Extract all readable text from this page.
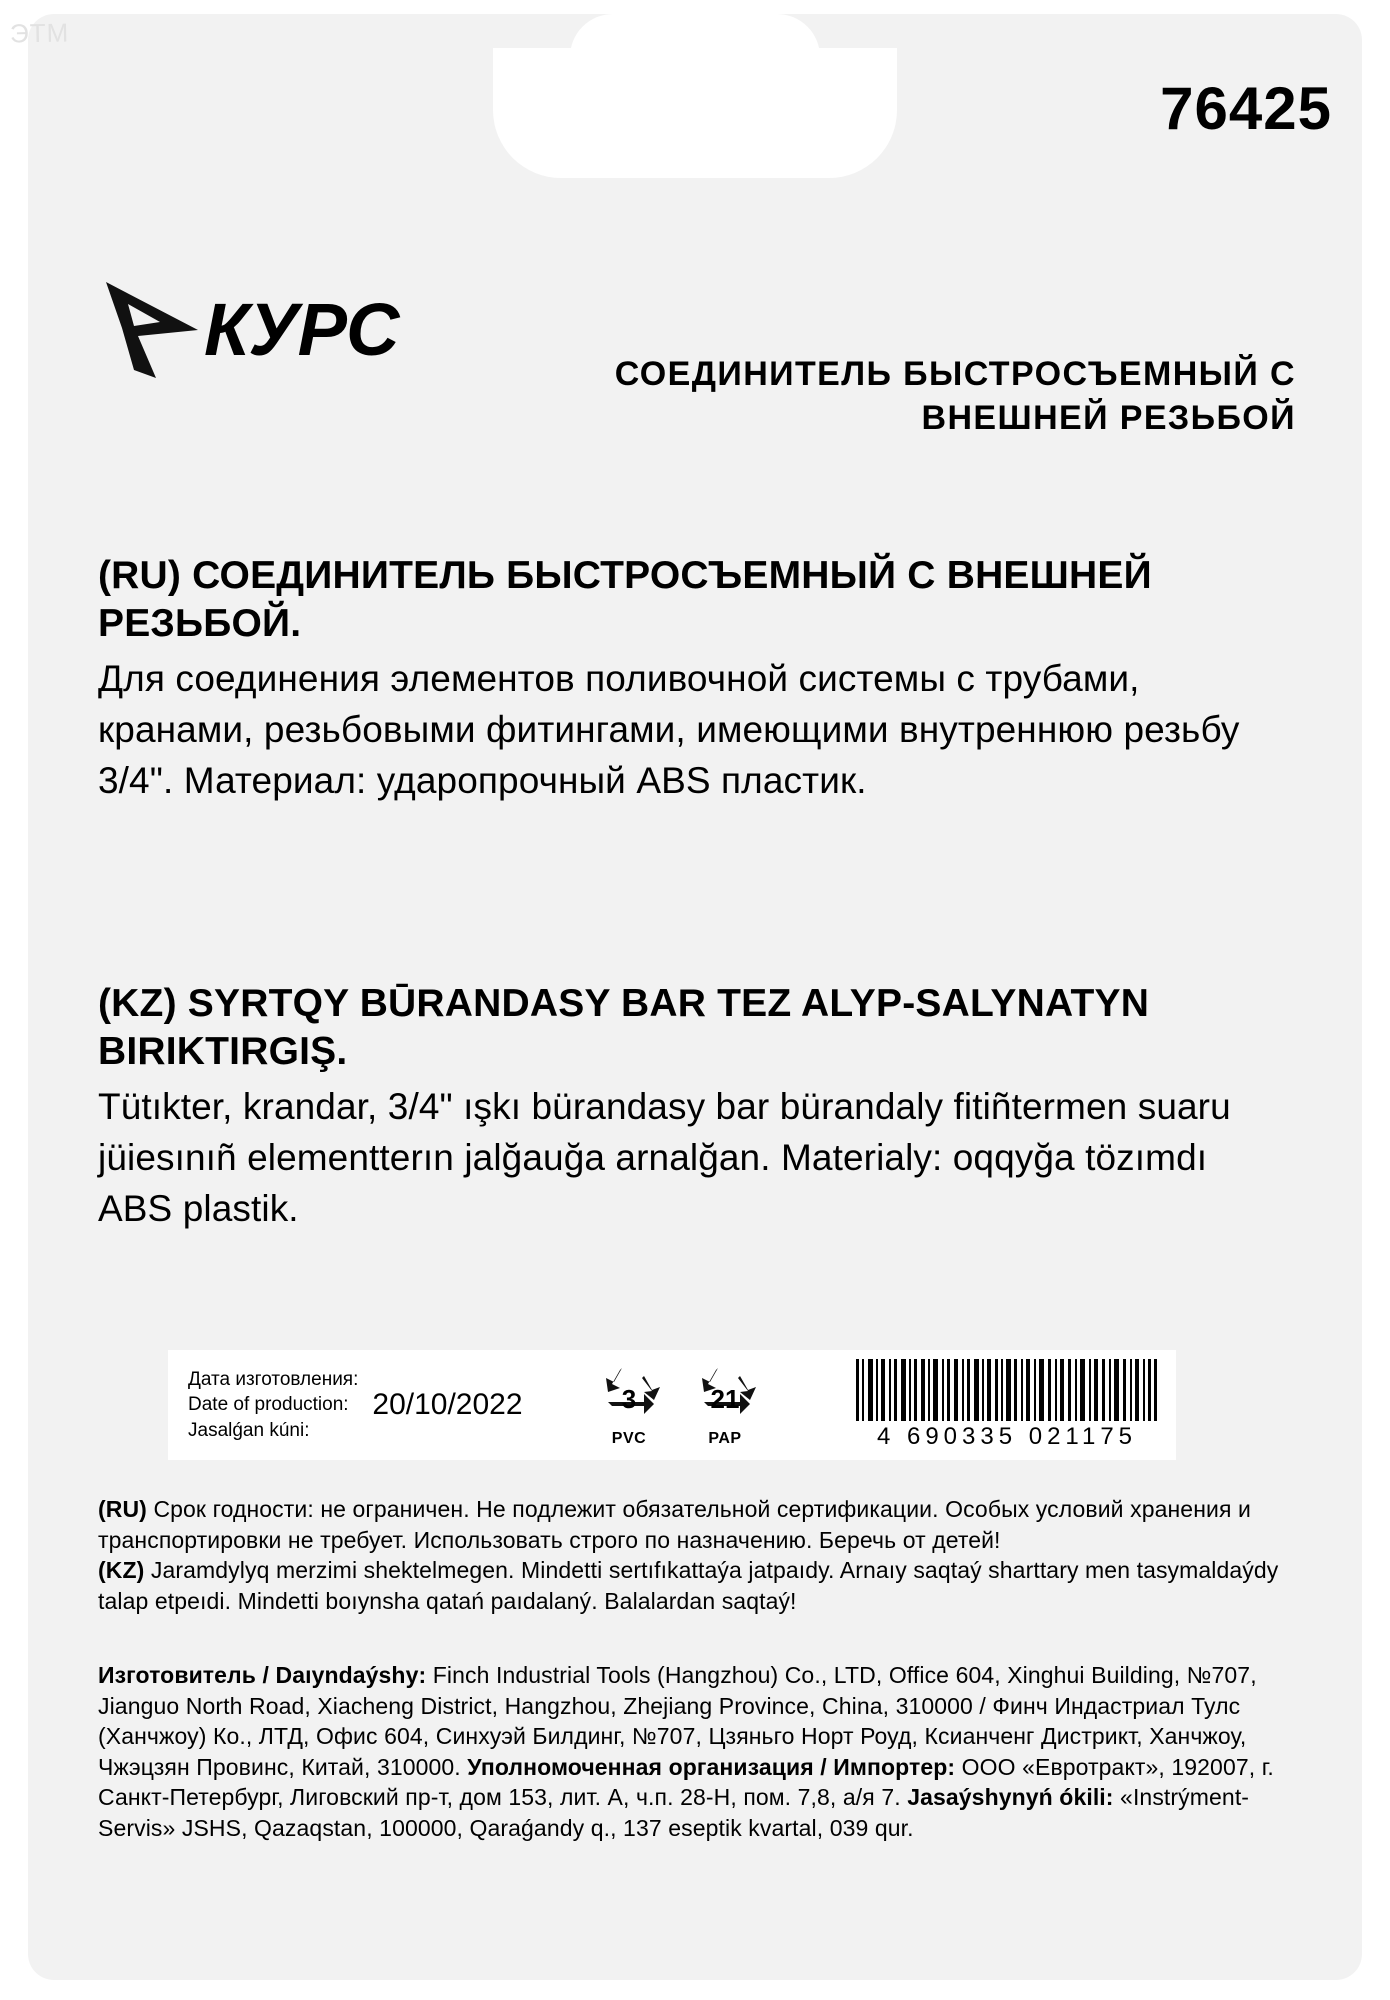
ЭТМ
76425
КУРС
СОЕДИНИТЕЛЬ БЫСТРОСЪЕМНЫЙ С ВНЕШНЕЙ РЕЗЬБОЙ
(RU) СОЕДИНИТЕЛЬ БЫСТРОСЪЕМНЫЙ С ВНЕШНЕЙ РЕЗЬБОЙ.

Для соединения элементов поливочной системы с трубами, кранами, резьбовыми фитингами, имеющими внутреннюю резьбу 3/4". Материал: ударопрочный ABS пластик.

(KZ) SYRTQY BŪRANDASY BAR TEZ ALYP-SALYNATYN BIRIKTIRGIŞ.

Tütıkter, krandar, 3/4" ışkı bürandasy bar bürandaly fitiñtermen suaru jüiesınıñ elementterın jalğauğa arnalğan. Materialy: oqqyğa tözımdı ABS plastik.

Дата изготовления:
Date of production:
Jasalǵan kúni:
20/10/2022	3
PVC
21
PAP	4 690335 021175

(RU) Срок годности: не ограничен. Не подлежит обязательной сертификации. Особых условий хранения и транспортировки не требует. Использовать строго по назначению. Беречь от детей!

(KZ) Jaramdylyq merzimi shektelmegen. Mindetti sertıfıkattaýa jatpaıdy. Arnaıy saqtaý sharttary men tasymaldaýdy talap etpeıdi. Mindetti boıynsha qatań paıdalaný. Balalardan saqtaý!

Изготовитель / Daıyndaýshy: Finch Industrial Tools (Hangzhou) Co., LTD, Office 604, Xinghui Building, №707, Jianguo North Road, Xiacheng District, Hangzhou, Zhejiang Province, China, 310000 / Финч Индастриал Тулс (Ханчжоу) Ко., ЛТД, Офис 604, Синхуэй Билдинг, №707, Цзяньго Норт Роуд, Ксианченг Дистрикт, Ханчжоу, Чжэцзян Провинс, Китай, 310000. Уполномоченная организация / Импортер: ООО «Евротракт», 192007, г. Санкт-Петербург, Лиговский пр-т, дом 153, лит. А, ч.п. 28-Н, пом. 7,8, а/я 7. Jasaýshynyń ókili: «Instrýment-Servis» JSHS, Qazaqstan, 100000, Qaraǵandy q., 137 eseptik kvartal, 039 qur.
